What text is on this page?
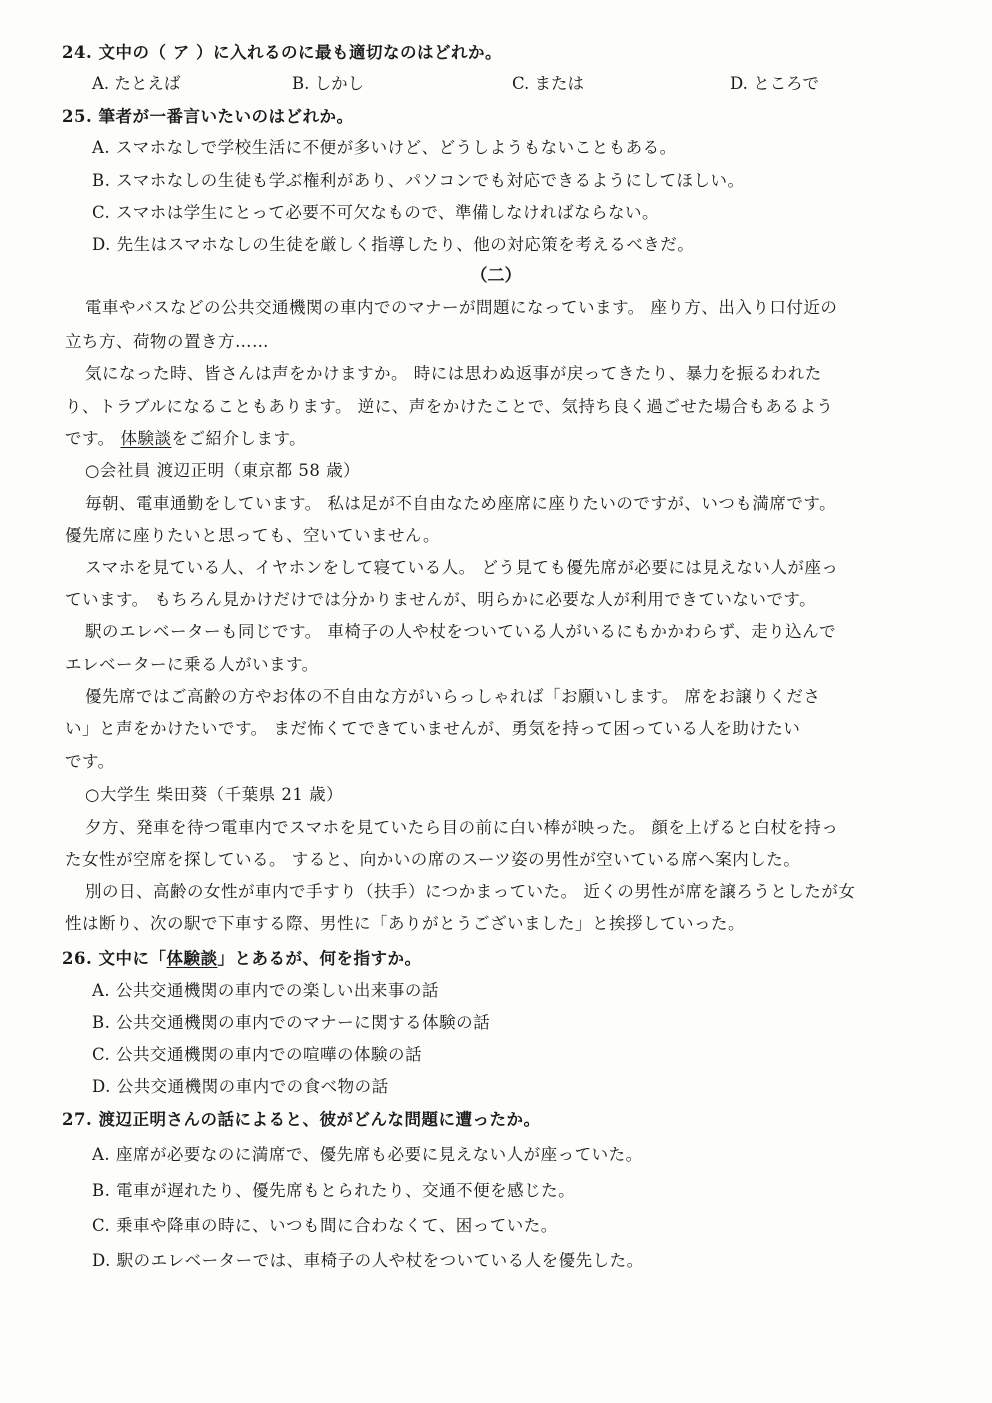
24. 文中の（ ア ）に入れるのに最も適切なのはどれか。
A. たとえば	B. しかし	C. または	D. ところで
25. 筆者が一番言いたいのはどれか。
A. スマホなしで学校生活に不便が多いけど、どうしようもないこともある。
B. スマホなしの生徒も学ぶ権利があり、パソコンでも対応できるようにしてほしい。
C. スマホは学生にとって必要不可欠なもので、準備しなければならない。
D. 先生はスマホなしの生徒を厳しく指導したり、他の対応策を考えるべきだ。
（二）
電車やバスなどの公共交通機関の車内でのマナーが問題になっています。 座り方、出入り口付近の
立ち方、荷物の置き方……
気になった時、皆さんは声をかけますか。 時には思わぬ返事が戻ってきたり、暴力を振るわれた
り、トラブルになることもあります。 逆に、声をかけたことで、気持ち良く過ごせた場合もあるよう
です。 体験談をご紹介します。
○会社員 渡辺正明（東京都 58 歳）
毎朝、電車通勤をしています。 私は足が不自由なため座席に座りたいのですが、いつも満席です。
優先席に座りたいと思っても、空いていません。
スマホを見ている人、イヤホンをして寝ている人。 どう見ても優先席が必要には見えない人が座っ
ています。 もちろん見かけだけでは分かりませんが、明らかに必要な人が利用できていないです。
駅のエレベーターも同じです。 車椅子の人や杖をついている人がいるにもかかわらず、走り込んで
エレベーターに乗る人がいます。
優先席ではご高齢の方やお体の不自由な方がいらっしゃれば「お願いします。 席をお譲りくださ
い」と声をかけたいです。 まだ怖くてできていませんが、勇気を持って困っている人を助けたい
です。
○大学生 柴田葵（千葉県 21 歳）
夕方、発車を待つ電車内でスマホを見ていたら目の前に白い棒が映った。 顔を上げると白杖を持っ
た女性が空席を探している。 すると、向かいの席のスーツ姿の男性が空いている席へ案内した。
別の日、高齢の女性が車内で手すり（扶手）につかまっていた。 近くの男性が席を譲ろうとしたが女
性は断り、次の駅で下車する際、男性に「ありがとうございました」と挨拶していった。
26. 文中に「体験談」とあるが、何を指すか。
A. 公共交通機関の車内での楽しい出来事の話
B. 公共交通機関の車内でのマナーに関する体験の話
C. 公共交通機関の車内での喧嘩の体験の話
D. 公共交通機関の車内での食べ物の話
27. 渡辺正明さんの話によると、彼がどんな問題に遭ったか。
A. 座席が必要なのに満席で、優先席も必要に見えない人が座っていた。
B. 電車が遅れたり、優先席もとられたり、交通不便を感じた。
C. 乗車や降車の時に、いつも間に合わなくて、困っていた。
D. 駅のエレベーターでは、車椅子の人や杖をついている人を優先した。
